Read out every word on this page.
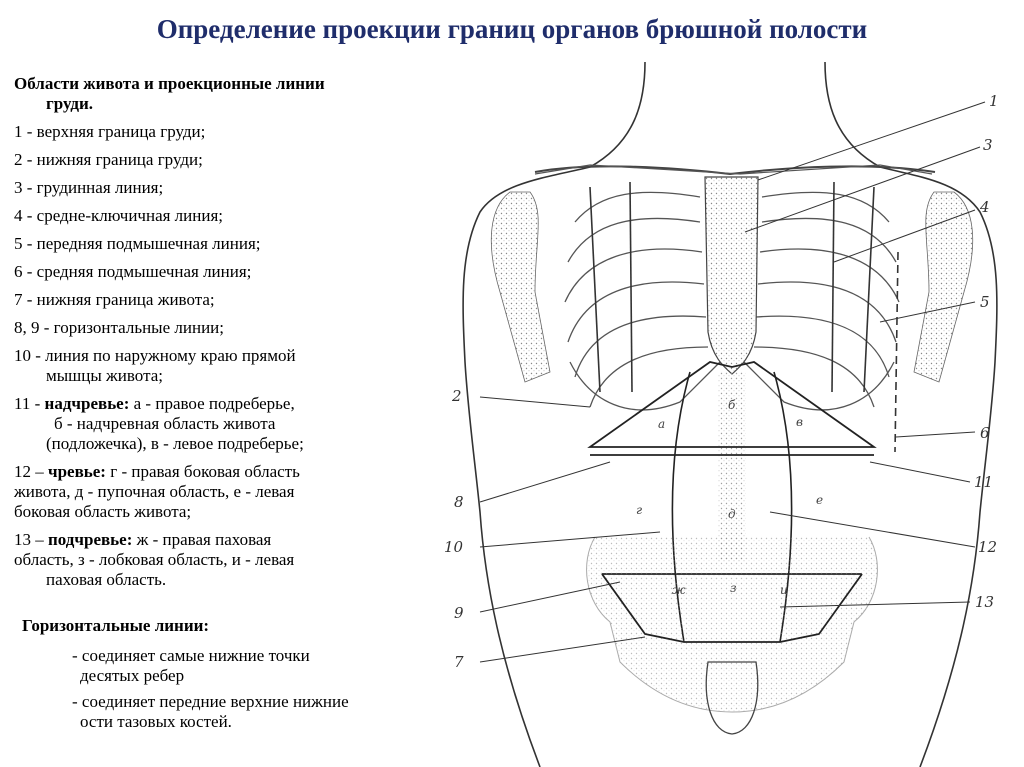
Определение проекции границ органов брюшной полости
Области живота и проекционные линии
груди.
1 - верхняя граница груди;
2 - нижняя граница груди;
3 - грудинная линия;
4 - средне-ключичная линия;
5 - передняя подмышечная линия;
6 - средняя подмышечная линия;
7 - нижняя граница живота;
8, 9 - горизонтальные линии;
10 - линия по наружному краю прямой
мышцы живота;
11 - надчревье: а - правое подреберье,
б - надчревная область живота
(подложечка), в - левое подреберье;
12 – чревье: г - правая боковая область
живота, д - пупочная область, е - левая
боковая область живота;
13 – подчревье: ж - правая паховая
область, з - лобковая область, и - левая
паховая область.
Горизонтальные линии:
- соединяет самые нижние точки
десятых ребер
- соединяет передние верхние нижние
ости тазовых костей.
1
2
3
4
5
6
7
8
9
10
11
12
13
а
б
в
г	д
е
ж	з	и
